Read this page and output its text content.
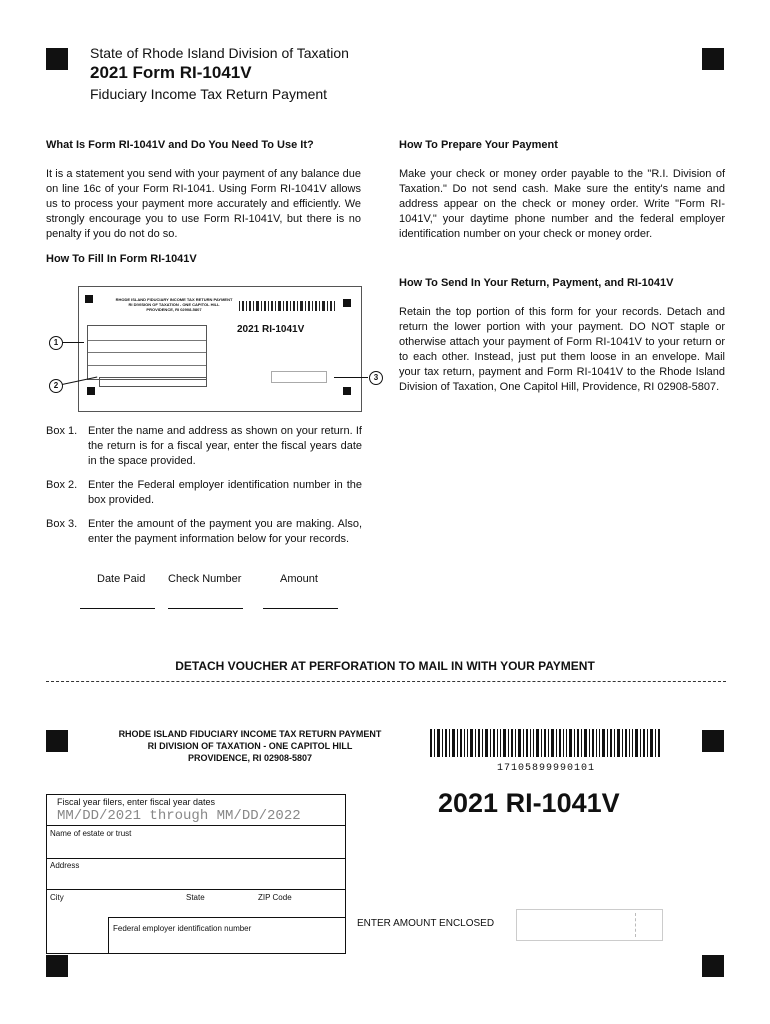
State of Rhode Island Division of Taxation
2021 Form RI-1041V
Fiduciary Income Tax Return Payment
What Is Form RI-1041V and Do You Need To Use It?
It is a statement you send with your payment of any balance due on line 16c of your Form RI-1041. Using Form RI-1041V allows us to process your payment more accurately and efficiently. We strongly encourage you to use Form RI-1041V, but there is no penalty if you do not do so.
How To Fill In Form RI-1041V
RHODE ISLAND FIDUCIARY INCOME TAX RETURN PAYMENT
RI DIVISION OF TAXATION - ONE CAPITOL HILL
PROVIDENCE, RI 02908-5807
2021 RI-1041V
1
2
3
Box 1. Enter the name and address as shown on your return. If the return is for a fiscal year, enter the fiscal years date in the space provided.
Box 2. Enter the Federal employer identification number in the box provided.
Box 3. Enter the amount of the payment you are making. Also, enter the payment information below for your records.
Date Paid Check Number	Amount
How To Prepare Your Payment
Make your check or money order payable to the "R.I. Division of Taxation." Do not send cash. Make sure the entity's name and address appear on the check or money order. Write "Form RI-1041V," your daytime phone number and the federal employer identification number on your check or money order.
How To Send In Your Return, Payment, and RI-1041V
Retain the top portion of this form for your records. Detach and return the lower portion with your payment. DO NOT staple or otherwise attach your payment of Form RI-1041V to your return or to each other. Instead, just put them loose in an envelope. Mail your tax return, payment and Form RI-1041V to the Rhode Island Division of Taxation, One Capitol Hill, Providence, RI 02908-5807.
DETACH VOUCHER AT PERFORATION TO MAIL IN WITH YOUR PAYMENT
RHODE ISLAND FIDUCIARY INCOME TAX RETURN PAYMENT
RI DIVISION OF TAXATION - ONE CAPITOL HILL
PROVIDENCE, RI 02908-5807
17105899990101
2021 RI-1041V
Fiscal year filers, enter fiscal year dates
MM/DD/2021 through MM/DD/2022
Name of estate or trust
Address
City	State	ZIP Code
Federal employer identification number	ENTER AMOUNT ENCLOSED
